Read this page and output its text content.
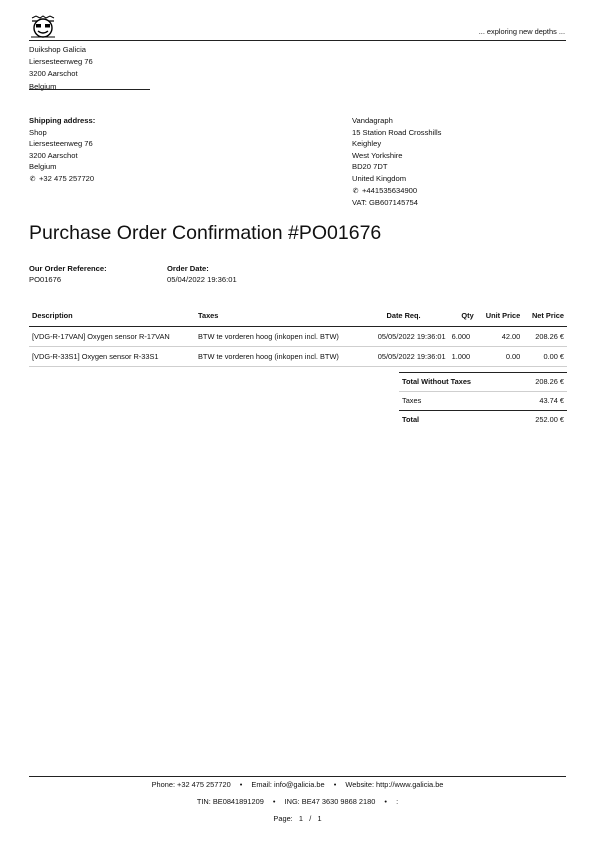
... exploring new depths ...
Duikshop Galicia
Liersesteenweg 76
3200 Aarschot
Belgium
Shipping address:
Shop
Liersesteenweg 76
3200 Aarschot
Belgium
✆ +32 475 257720
Vandagraph
15 Station Road Crosshills
Keighley
West Yorkshire
BD20 7DT
United Kingdom
✆ +441535634900
VAT: GB607145754
Purchase Order Confirmation #PO01676
Our Order Reference:
PO01676
Order Date:
05/04/2022 19:36:01
Description	Taxes	Date Req.	Qty	Unit Price	Net Price
[VDG-R-17VAN] Oxygen sensor R-17VAN	BTW te vorderen hoog (inkopen incl. BTW)	05/05/2022 19:36:01	6.000	42.00	208.26 €
[VDG-R-33S1] Oxygen sensor R-33S1	BTW te vorderen hoog (inkopen incl. BTW)	05/05/2022 19:36:01	1.000	0.00	0.00 €
Total Without Taxes	208.26 €
Taxes	43.74 €
Total	252.00 €
Phone: +32 475 257720 • Email: info@galicia.be • Website: http://www.galicia.be
TIN: BE0841891209 • ING: BE47 3630 9868 2180 • :
Page: 1 / 1
